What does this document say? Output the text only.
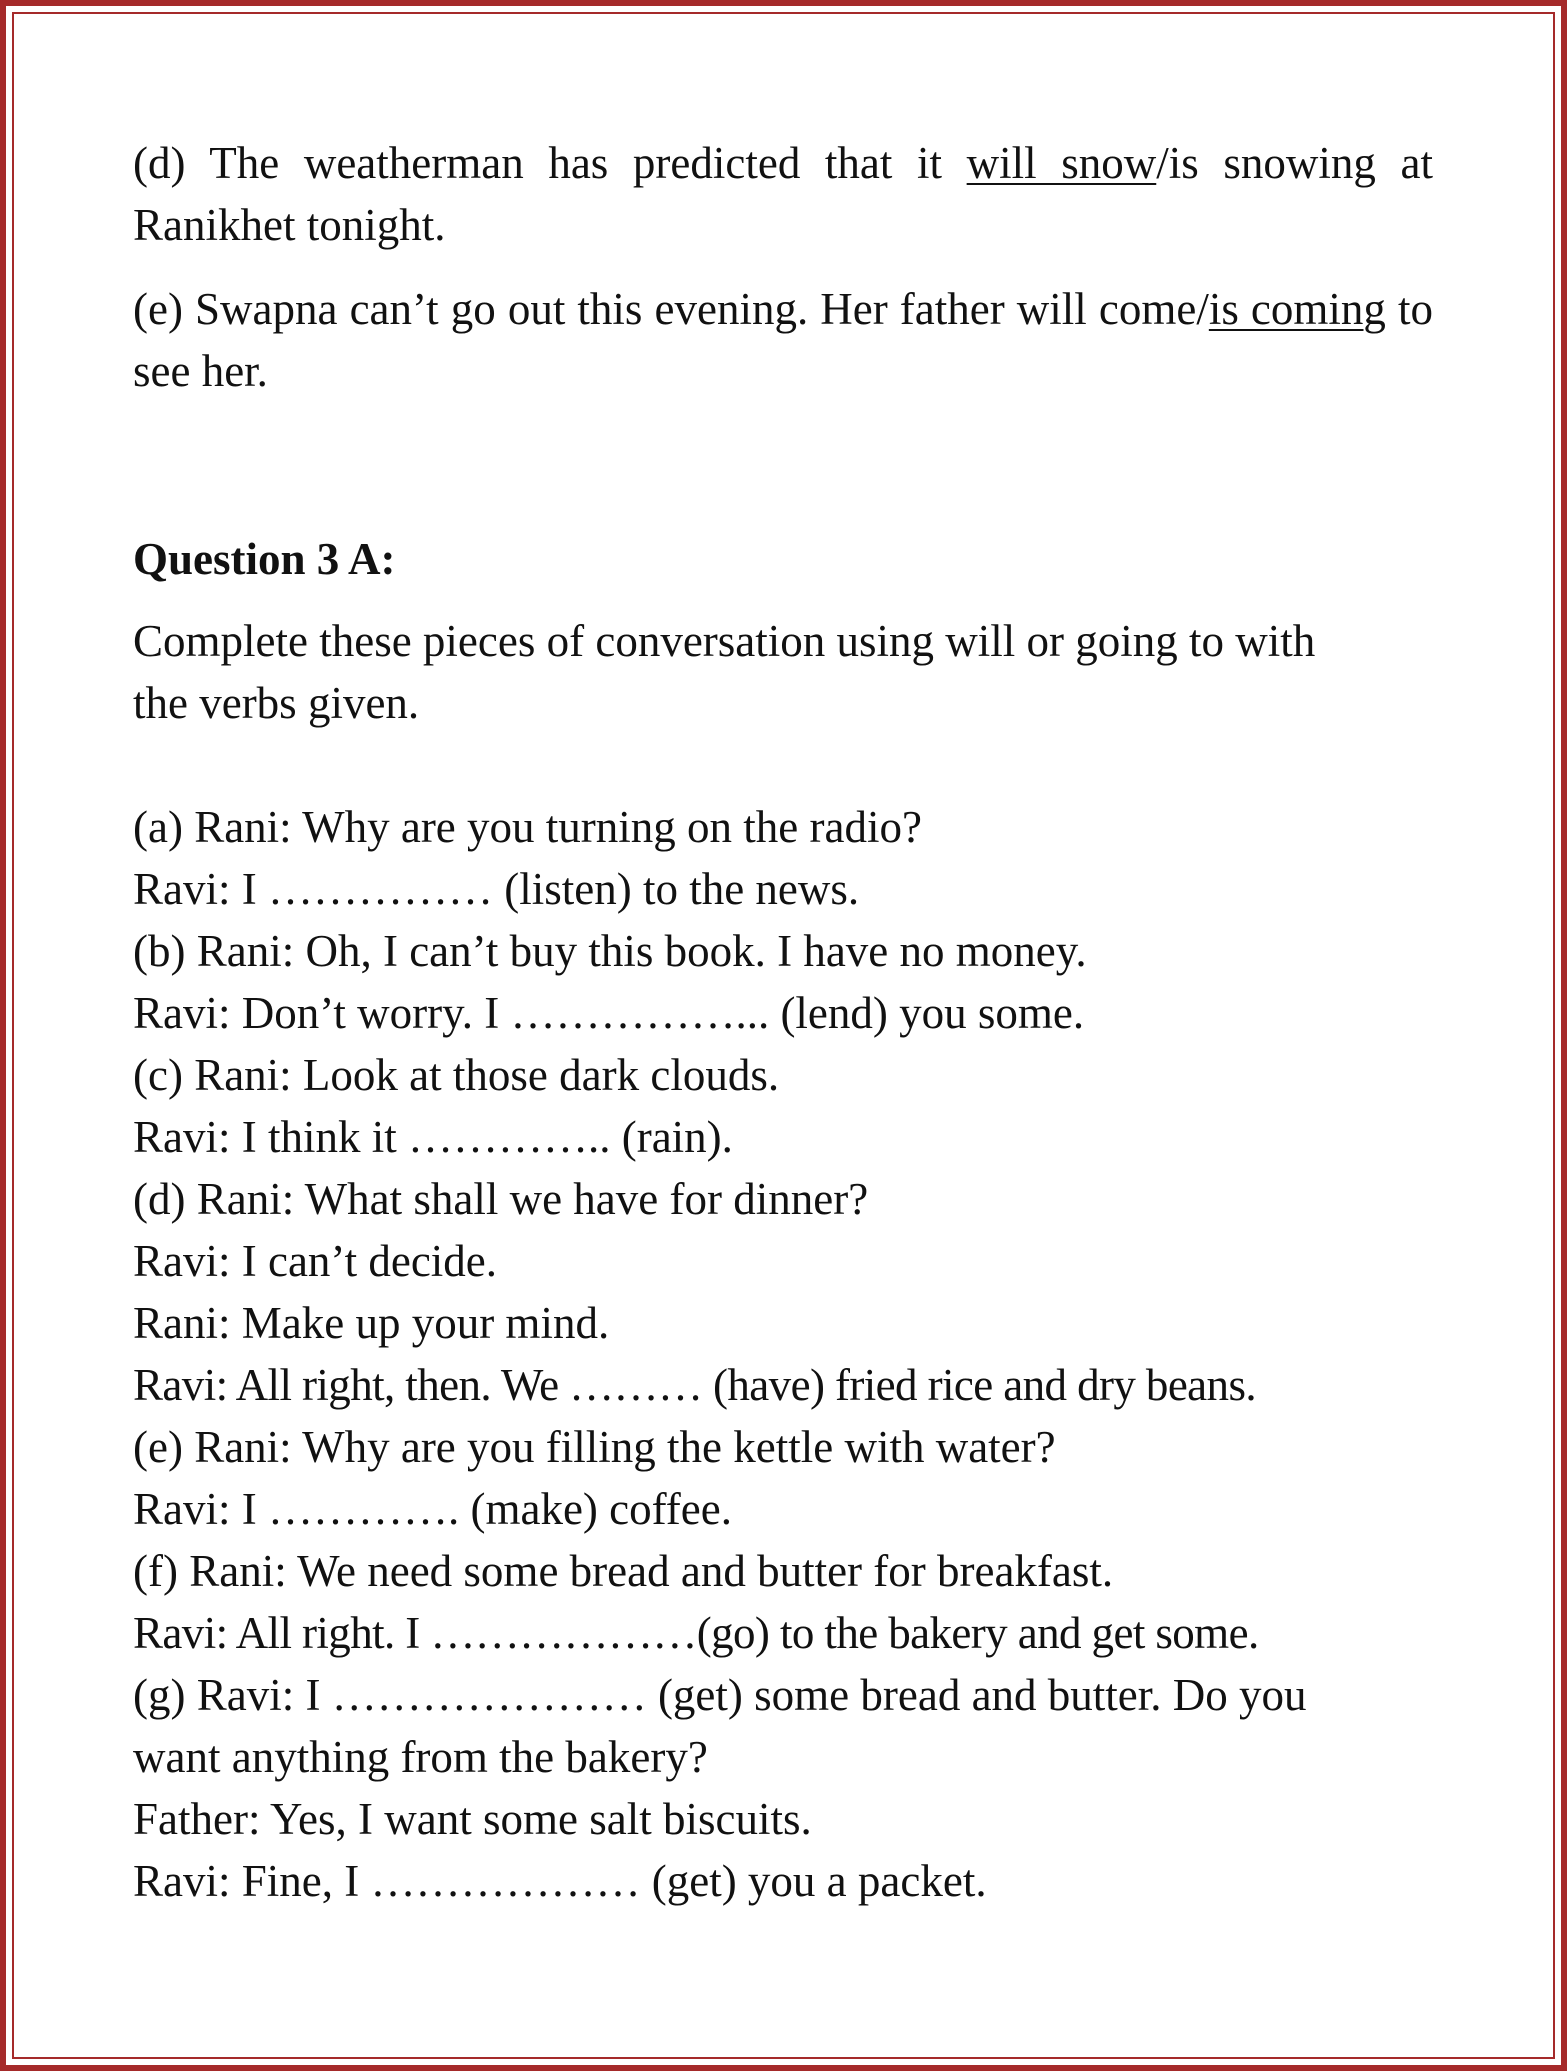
(d) The weatherman has predicted that it will snow/is snowing at Ranikhet tonight.

(e) Swapna can’t go out this evening. Her father will come/is coming to see her.

Question 3 A:

Complete these pieces of conversation using will or going to with the verbs given.

(a) Rani: Why are you turning on the radio?
Ravi: I …………… (listen) to the news.
(b) Rani: Oh, I can’t buy this book. I have no money.
Ravi: Don’t worry. I ……………... (lend) you some.
(c) Rani: Look at those dark clouds.
Ravi: I think it ………….. (rain).
(d) Rani: What shall we have for dinner?
Ravi: I can’t decide.
Rani: Make up your mind.
Ravi: All right, then. We ……… (have) fried rice and dry beans.
(e) Rani: Why are you filling the kettle with water?
Ravi: I …………. (make) coffee.
(f) Rani: We need some bread and butter for breakfast.
Ravi: All right. I ………………(go) to the bakery and get some.
(g) Ravi: I ………………… (get) some bread and butter. Do you want anything from the bakery?
Father: Yes, I want some salt biscuits.
Ravi: Fine, I ……………… (get) you a packet.
